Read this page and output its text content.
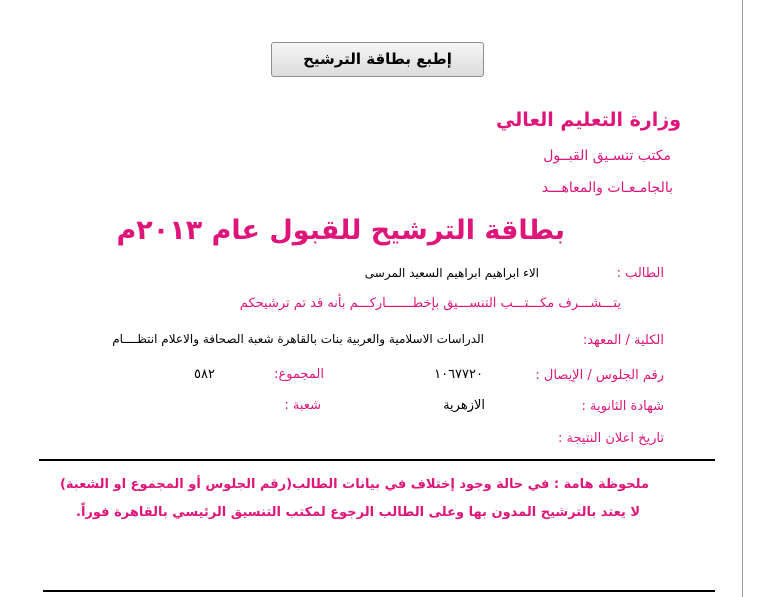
إطبع بطاقة الترشيح
وزارة التعليم العالي
مكتب تنسـيق القبــول
بالجامـعـات والمعاهـــد
بطاقة الترشيح للقبول عام ٢٠١٣م
الطالب :
الاء ابراهيم ابراهيم السعيد المرسى
يتـــشـــرف مكـــتـــب التنســـيق بإخطـــــــاركـــم بأنه قد تم ترشيحكم
الكلية / المعهد:
الدراسات الاسلامية والعربية بنات بالقاهرة شعبة الصحافة والاعلام انتظــــام
رقم الجلوس / الإيصال :
١٠٦٧٧٢٠
المجموع:
٥٨٢
شهادة الثانوية :
الازهرية
شعبة :
تاريخ اعلان النتيجة :
ملحوظة هامة : في حالة وجود إختلاف في بيانات الطالب(رقم الجلوس أو المجموع او الشعبة)
لا يعتد بالترشيح المدون بها وعلى الطالب الرجوع لمكتب التنسيق الرئيسي بالقاهرة فوراً.
